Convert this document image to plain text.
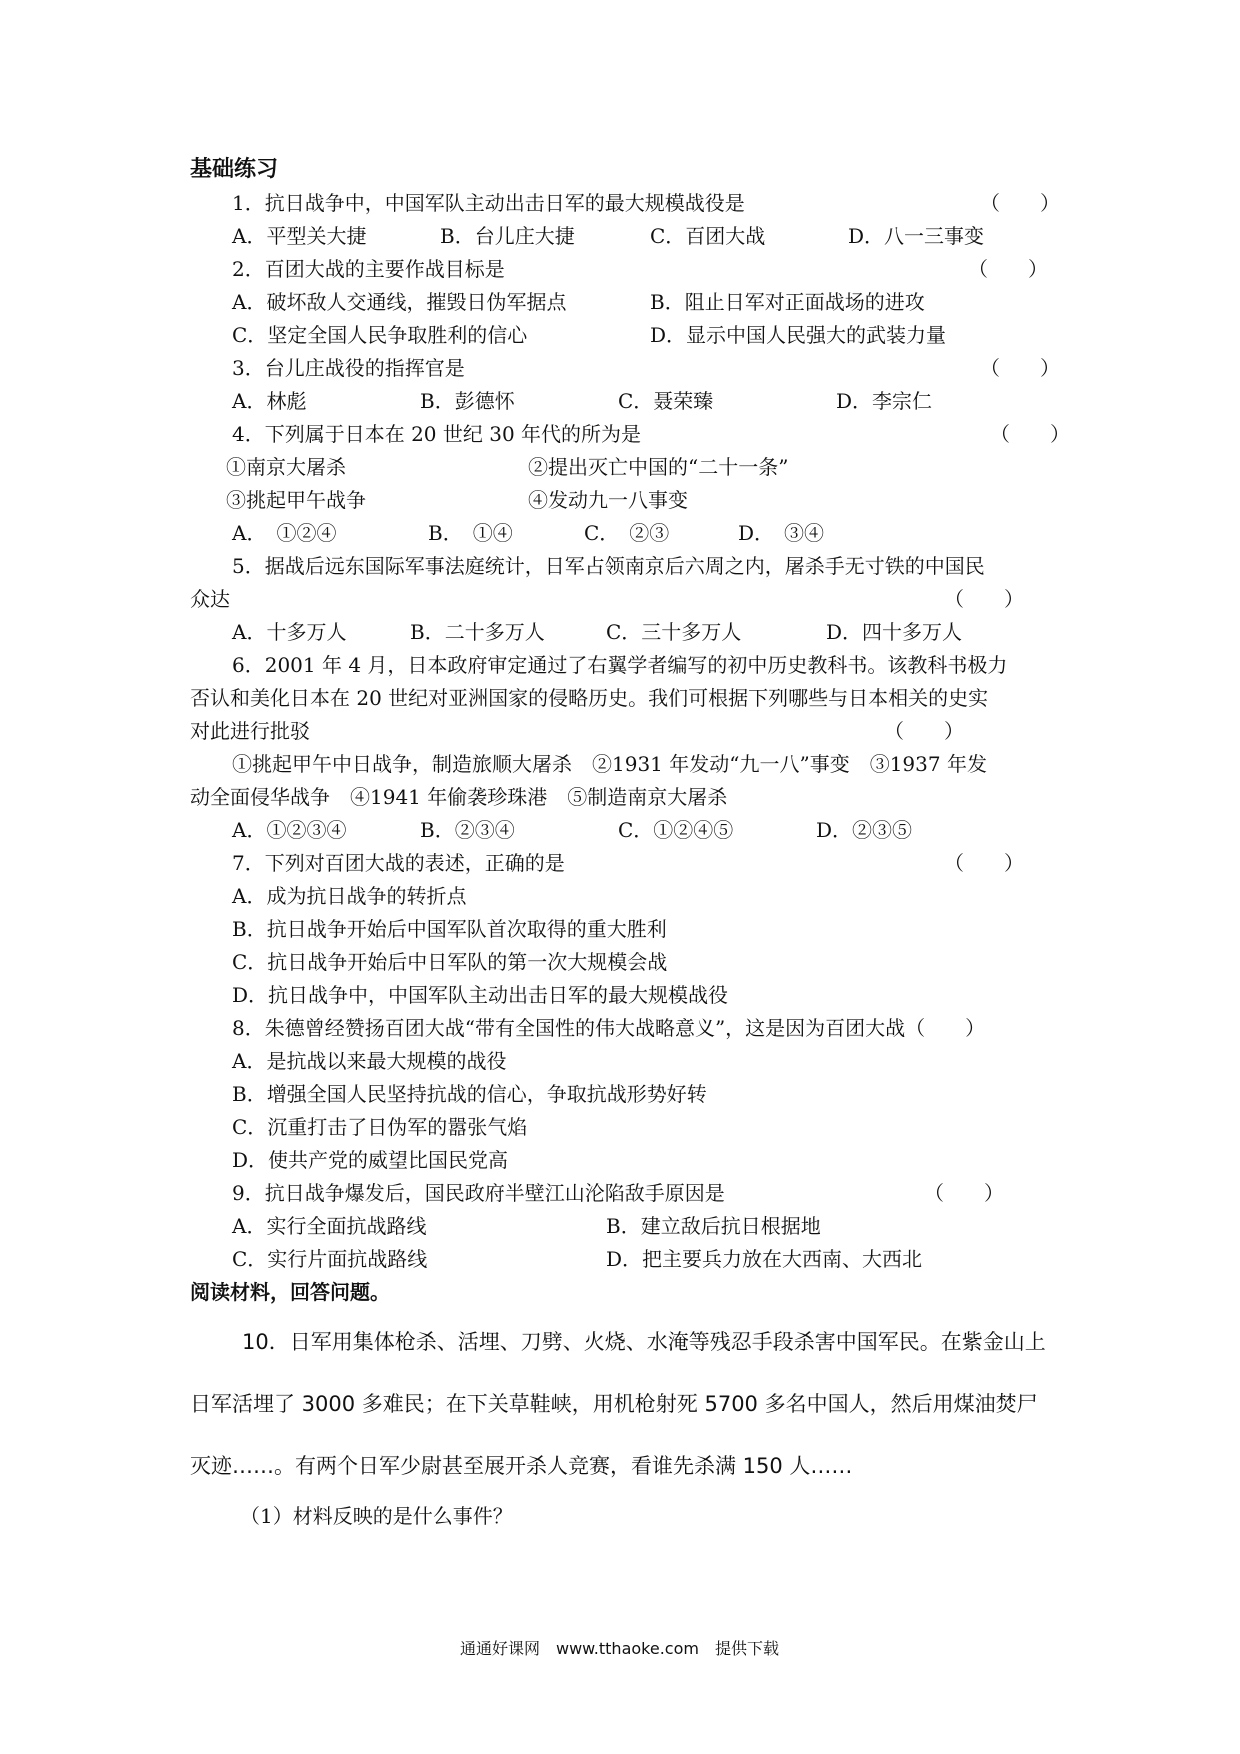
基础练习
1．抗日战争中，中国军队主动出击日军的最大规模战役是	（　　）
A．平型关大捷	B．台儿庄大捷	C．百团大战	D．八一三事变
2．百团大战的主要作战目标是	（　　）
A．破坏敌人交通线，摧毁日伪军据点	B．阻止日军对正面战场的进攻
C．坚定全国人民争取胜利的信心	D．显示中国人民强大的武装力量
3．台儿庄战役的指挥官是	（　　）
A．林彪	B．彭德怀	C．聂荣臻	D．李宗仁
4．下列属于日本在 20 世纪 30 年代的所为是	（　　）
①南京大屠杀	②提出灭亡中国的“二十一条”
③挑起甲午战争	④发动九一八事变
A．　①②④	B．　①④	C．　②③	D．　③④
5．据战后远东国际军事法庭统计，日军占领南京后六周之内，屠杀手无寸铁的中国民
众达	（　　）
A．十多万人	B．二十多万人	C．三十多万人	D．四十多万人
6．2001 年 4 月，日本政府审定通过了右翼学者编写的初中历史教科书。该教科书极力
否认和美化日本在 20 世纪对亚洲国家的侵略历史。我们可根据下列哪些与日本相关的史实
对此进行批驳	（　　）
①挑起甲午中日战争，制造旅顺大屠杀　②1931 年发动“九一八”事变　③1937 年发
动全面侵华战争　④1941 年偷袭珍珠港　⑤制造南京大屠杀
A．①②③④	B．②③④	C．①②④⑤	D．②③⑤
7．下列对百团大战的表述，正确的是	（　　）
A．成为抗日战争的转折点
B．抗日战争开始后中国军队首次取得的重大胜利
C．抗日战争开始后中日军队的第一次大规模会战
D．抗日战争中，中国军队主动出击日军的最大规模战役
8．朱德曾经赞扬百团大战“带有全国性的伟大战略意义”，这是因为百团大战（　　）
A．是抗战以来最大规模的战役
B．增强全国人民坚持抗战的信心，争取抗战形势好转
C．沉重打击了日伪军的嚣张气焰
D．使共产党的威望比国民党高
9．抗日战争爆发后，国民政府半壁江山沦陷敌手原因是	（　　）
A．实行全面抗战路线	B．建立敌后抗日根据地
C．实行片面抗战路线	D．把主要兵力放在大西南、大西北
阅读材料，回答问题。
10．日军用集体枪杀、活埋、刀劈、火烧、水淹等残忍手段杀害中国军民。在紫金山上
日军活埋了 3000 多难民；在下关草鞋峡，用机枪射死 5700 多名中国人，然后用煤油焚尸
灭迹……。有两个日军少尉甚至展开杀人竞赛，看谁先杀满 150 人……
（1）材料反映的是什么事件？
通通好课网　www.tthaoke.com　提供下载
